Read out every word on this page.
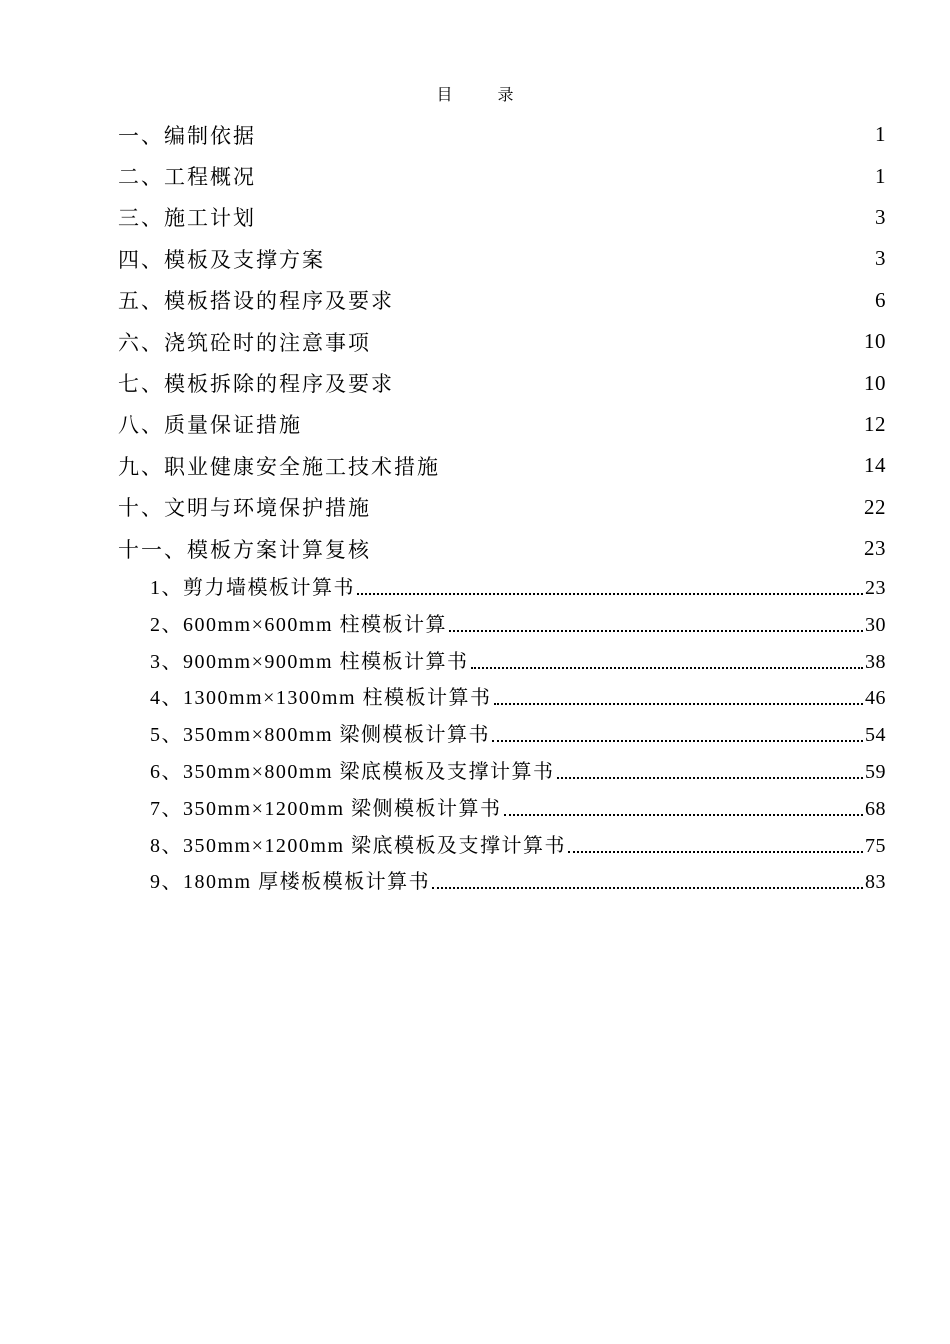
目 录
一、编制依据	1
二、工程概况	1
三、施工计划	3
四、模板及支撑方案	3
五、模板搭设的程序及要求	6
六、浇筑砼时的注意事项	10
七、模板拆除的程序及要求	10
八、质量保证措施	12
九、职业健康安全施工技术措施	14
十、文明与环境保护措施	22
十一、模板方案计算复核	23
1、剪力墙模板计算书	23
2、600mm×600mm 柱模板计算	30
3、900mm×900mm 柱模板计算书	38
4、1300mm×1300mm 柱模板计算书	46
5、350mm×800mm 梁侧模板计算书	54
6、350mm×800mm 梁底模板及支撑计算书	59
7、350mm×1200mm 梁侧模板计算书	68
8、350mm×1200mm 梁底模板及支撑计算书	75
9、180mm 厚楼板模板计算书	83
